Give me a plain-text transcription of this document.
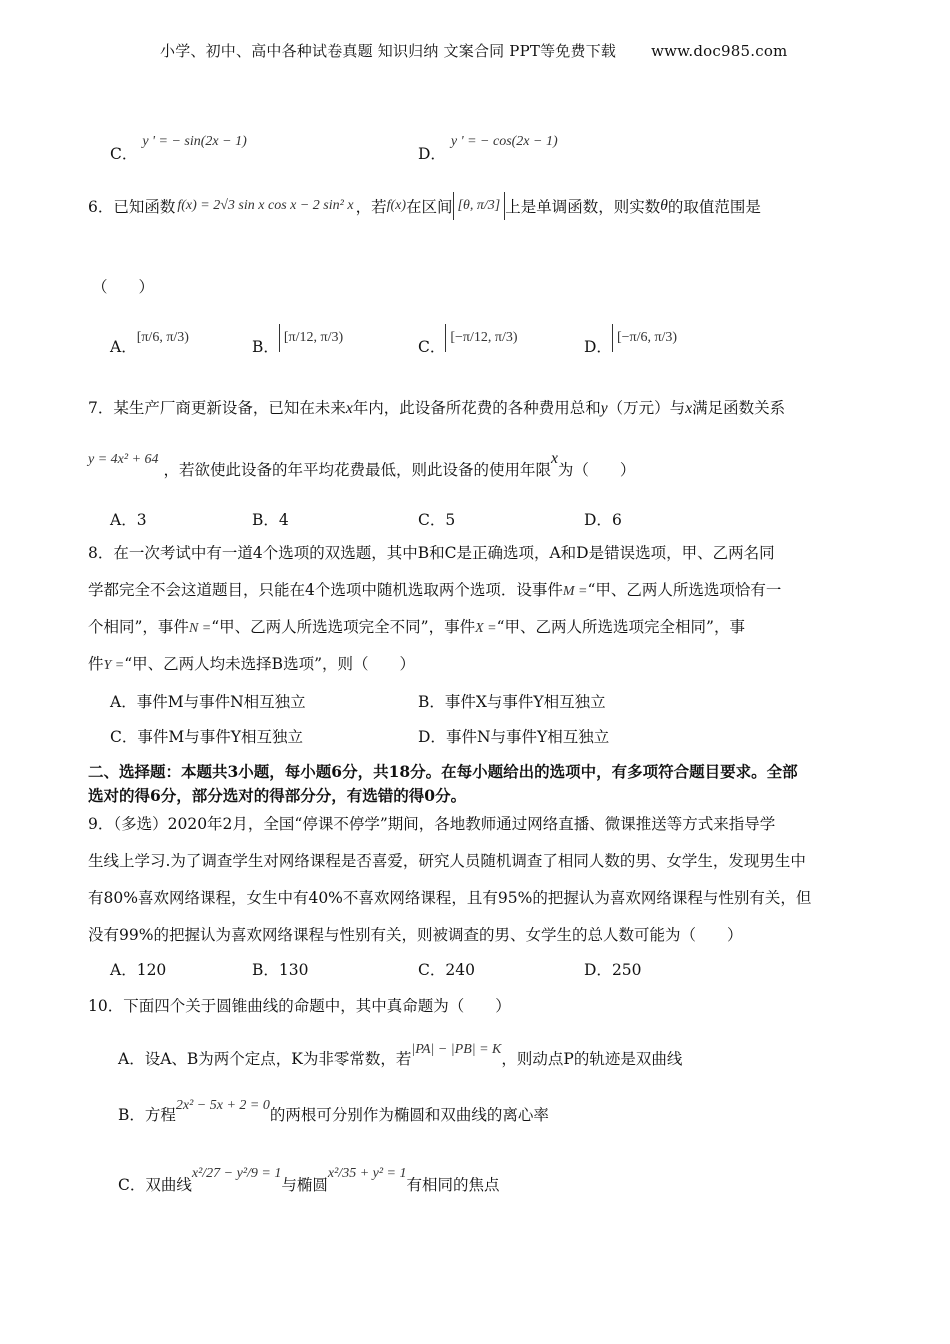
小学、初中、高中各种试卷真题 知识归纳 文案合同 PPT等免费下载 www.doc985.com
C． y ' = − sin(2x − 1)
D． y ' = − cos(2x − 1)
6．已知函数 f(x) = 2√3 sin x cos x − 2 sin² x ，若 f(x) 在区间 [θ, π/3] 上是单调函数，则实数 θ 的取值范围是
（　　）
A．
[π/6, π/3)
B．
[π/12, π/3)
C．
[−π/12, π/3)
D．
[−π/6, π/3)
7．某生产厂商更新设备，已知在未来x年内，此设备所花费的各种费用总和y（万元）与x满足函数关系
y = 4x² + 64 ，若欲使此设备的年平均花费最低，则此设备的使用年限x为（　　）
A．3	B．4	C．5	D．6
8．在一次考试中有一道4个选项的双选题，其中B和C是正确选项，A和D是错误选项，甲、乙两名同
学都完全不会这道题目，只能在4个选项中随机选取两个选项．设事件M =“甲、乙两人所选选项恰有一
个相同”，事件N =“甲、乙两人所选选项完全不同”，事件X =“甲、乙两人所选选项完全相同”，事
件Y =“甲、乙两人均未选择B选项”，则（　　）
A．事件M与事件N相互独立	B．事件X与事件Y相互独立
C．事件M与事件Y相互独立	D．事件N与事件Y相互独立
二、选择题：本题共3小题，每小题6分，共18分。在每小题给出的选项中，有多项符合题目要求。全部
选对的得6分，部分选对的得部分分，有选错的得0分。
9．（多选）2020年2月，全国“停课不停学”期间，各地教师通过网络直播、微课推送等方式来指导学
生线上学习.为了调查学生对网络课程是否喜爱，研究人员随机调查了相同人数的男、女学生，发现男生中
有80%喜欢网络课程，女生中有40%不喜欢网络课程，且有95%的把握认为喜欢网络课程与性别有关，但
没有99%的把握认为喜欢网络课程与性别有关，则被调查的男、女学生的总人数可能为（　　）
A．120	B．130	C．240	D．250
10．下面四个关于圆锥曲线的命题中，其中真命题为（　　）
A．设A、B为两个定点，K为非零常数，若
|PA| − |PB| = K
，则动点P的轨迹是双曲线
B．方程
2x² − 5x + 2 = 0
的两根可分别作为椭圆和双曲线的离心率
C．双曲线
x²/27 − y²/9 = 1
与椭圆
x²/35 + y² = 1
有相同的焦点
